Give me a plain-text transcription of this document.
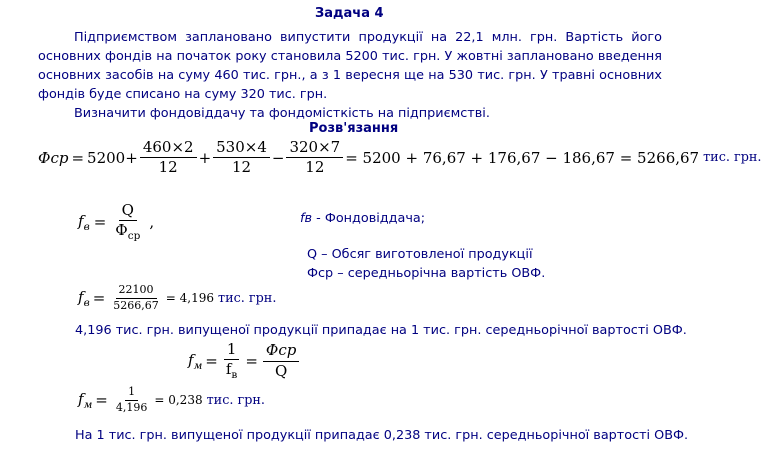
Задача 4

Підприємством заплановано випустити продукції на 22,1 млн. грн. Вартість його основних фондів на початок року становила 5200 тис. грн. У жовтні заплановано введення основних засобів на суму 460 тис. грн., а з 1 вересня ще на 530 тис. грн. У травні основних фондів буде списано на суму 320 тис. грн.

Визначити фондовіддачу та фондомісткість на підприємстві.

Розв'язання
Фср = $5200 + \frac{460\times 2}{12} + \frac{530\times 4}{12} - \frac{320\times 7}{12} = 5200 + 76,67 + 176,67 - 186,67 = 5266,67$ тис. грн.
$f_в = \frac{Q}{Ф_{ср}}$ ,	fв - Фондовіддача;
Q – Обсяг виготовленої продукції
Фср – середньорічна вартість ОВФ.
$f_в = \frac{22100}{5266,67} = 4,196$ тис. грн.
4,196 тис. грн. випущеної продукції припадає на 1 тис. грн. середньорічної вартості ОВФ.
$f_м = \frac{1}{f_в} = \frac{\text{Фср}}{Q}$
$f_м = \frac{1}{4,196} = 0,238$ тис. грн.
На 1 тис. грн. випущеної продукції припадає 0,238 тис. грн. середньорічної вартості ОВФ.
